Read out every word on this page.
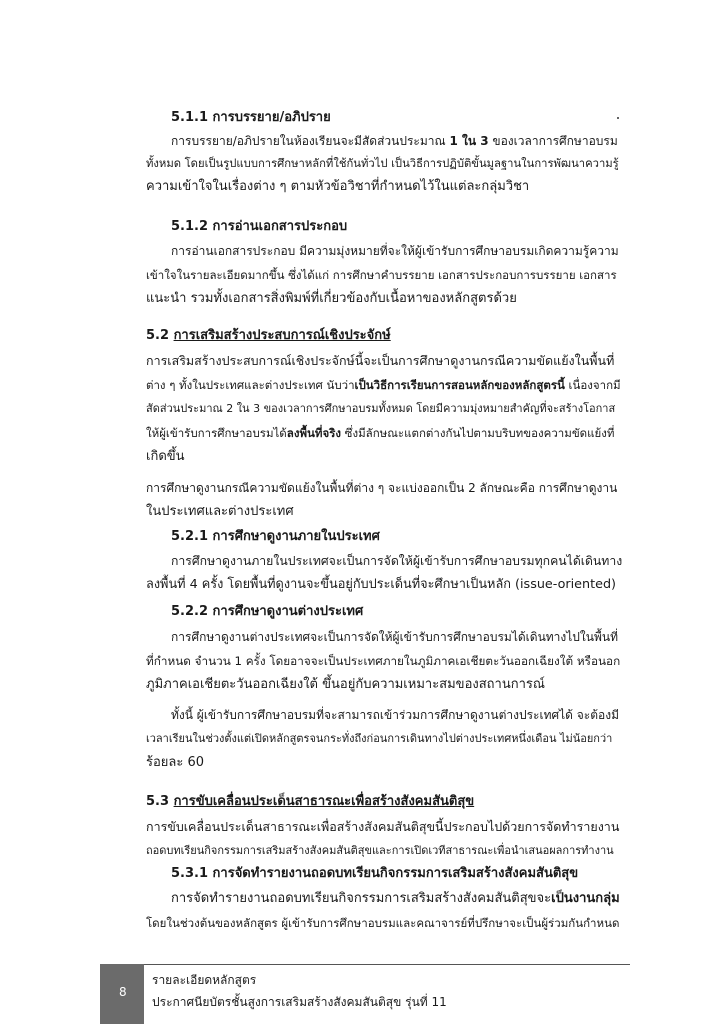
5.1.1 การบรรยาย/อภิปราย
การบรรยาย/อภิปรายในห้องเรียนจะมีสัดส่วนประมาณ 1 ใน 3 ของเวลาการศึกษาอบรม
ทั้งหมด โดยเป็นรูปแบบการศึกษาหลักที่ใช้กันทั่วไป เป็นวิธีการปฏิบัติขั้นมูลฐานในการพัฒนาความรู้
ความเข้าใจในเรื่องต่าง ๆ ตามหัวข้อวิชาที่กำหนดไว้ในแต่ละกลุ่มวิชา
5.1.2 การอ่านเอกสารประกอบ
การอ่านเอกสารประกอบ มีความมุ่งหมายที่จะให้ผู้เข้ารับการศึกษาอบรมเกิดความรู้ความ
เข้าใจในรายละเอียดมากขึ้น ซึ่งได้แก่ การศึกษาคำบรรยาย เอกสารประกอบการบรรยาย เอกสาร
แนะนำ รวมทั้งเอกสารสิ่งพิมพ์ที่เกี่ยวข้องกับเนื้อหาของหลักสูตรด้วย
5.2 การเสริมสร้างประสบการณ์เชิงประจักษ์
การเสริมสร้างประสบการณ์เชิงประจักษ์นี้จะเป็นการศึกษาดูงานกรณีความขัดแย้งในพื้นที่
ต่าง ๆ ทั้งในประเทศและต่างประเทศ นับว่าเป็นวิธีการเรียนการสอนหลักของหลักสูตรนี้ เนื่องจากมี
สัดส่วนประมาณ 2 ใน 3 ของเวลาการศึกษาอบรมทั้งหมด โดยมีความมุ่งหมายสำคัญที่จะสร้างโอกาส
ให้ผู้เข้ารับการศึกษาอบรมได้ลงพื้นที่จริง ซึ่งมีลักษณะแตกต่างกันไปตามบริบทของความขัดแย้งที่
เกิดขึ้น
การศึกษาดูงานกรณีความขัดแย้งในพื้นที่ต่าง ๆ จะแบ่งออกเป็น 2 ลักษณะคือ การศึกษาดูงาน
ในประเทศและต่างประเทศ
5.2.1 การศึกษาดูงานภายในประเทศ
การศึกษาดูงานภายในประเทศจะเป็นการจัดให้ผู้เข้ารับการศึกษาอบรมทุกคนได้เดินทาง
ลงพื้นที่ 4 ครั้ง โดยพื้นที่ดูงานจะขึ้นอยู่กับประเด็นที่จะศึกษาเป็นหลัก (issue-oriented)
5.2.2 การศึกษาดูงานต่างประเทศ
การศึกษาดูงานต่างประเทศจะเป็นการจัดให้ผู้เข้ารับการศึกษาอบรมได้เดินทางไปในพื้นที่
ที่กำหนด จำนวน 1 ครั้ง โดยอาจจะเป็นประเทศภายในภูมิภาคเอเชียตะวันออกเฉียงใต้ หรือนอก
ภูมิภาคเอเชียตะวันออกเฉียงใต้ ขึ้นอยู่กับความเหมาะสมของสถานการณ์
ทั้งนี้ ผู้เข้ารับการศึกษาอบรมที่จะสามารถเข้าร่วมการศึกษาดูงานต่างประเทศได้ จะต้องมี
เวลาเรียนในช่วงตั้งแต่เปิดหลักสูตรจนกระทั่งถึงก่อนการเดินทางไปต่างประเทศหนึ่งเดือน ไม่น้อยกว่า
ร้อยละ 60
5.3 การขับเคลื่อนประเด็นสาธารณะเพื่อสร้างสังคมสันติสุข
การขับเคลื่อนประเด็นสาธารณะเพื่อสร้างสังคมสันติสุขนี้ประกอบไปด้วยการจัดทำรายงาน
ถอดบทเรียนกิจกรรมการเสริมสร้างสังคมสันติสุขและการเปิดเวทีสาธารณะเพื่อนำเสนอผลการทำงาน
5.3.1 การจัดทำรายงานถอดบทเรียนกิจกรรมการเสริมสร้างสังคมสันติสุข
การจัดทำรายงานถอดบทเรียนกิจกรรมการเสริมสร้างสังคมสันติสุขจะเป็นงานกลุ่ม
โดยในช่วงต้นของหลักสูตร ผู้เข้ารับการศึกษาอบรมและคณาจารย์ที่ปรึกษาจะเป็นผู้ร่วมกันกำหนด
8
รายละเอียดหลักสูตร
ประกาศนียบัตรชั้นสูงการเสริมสร้างสังคมสันติสุข รุ่นที่ 11
